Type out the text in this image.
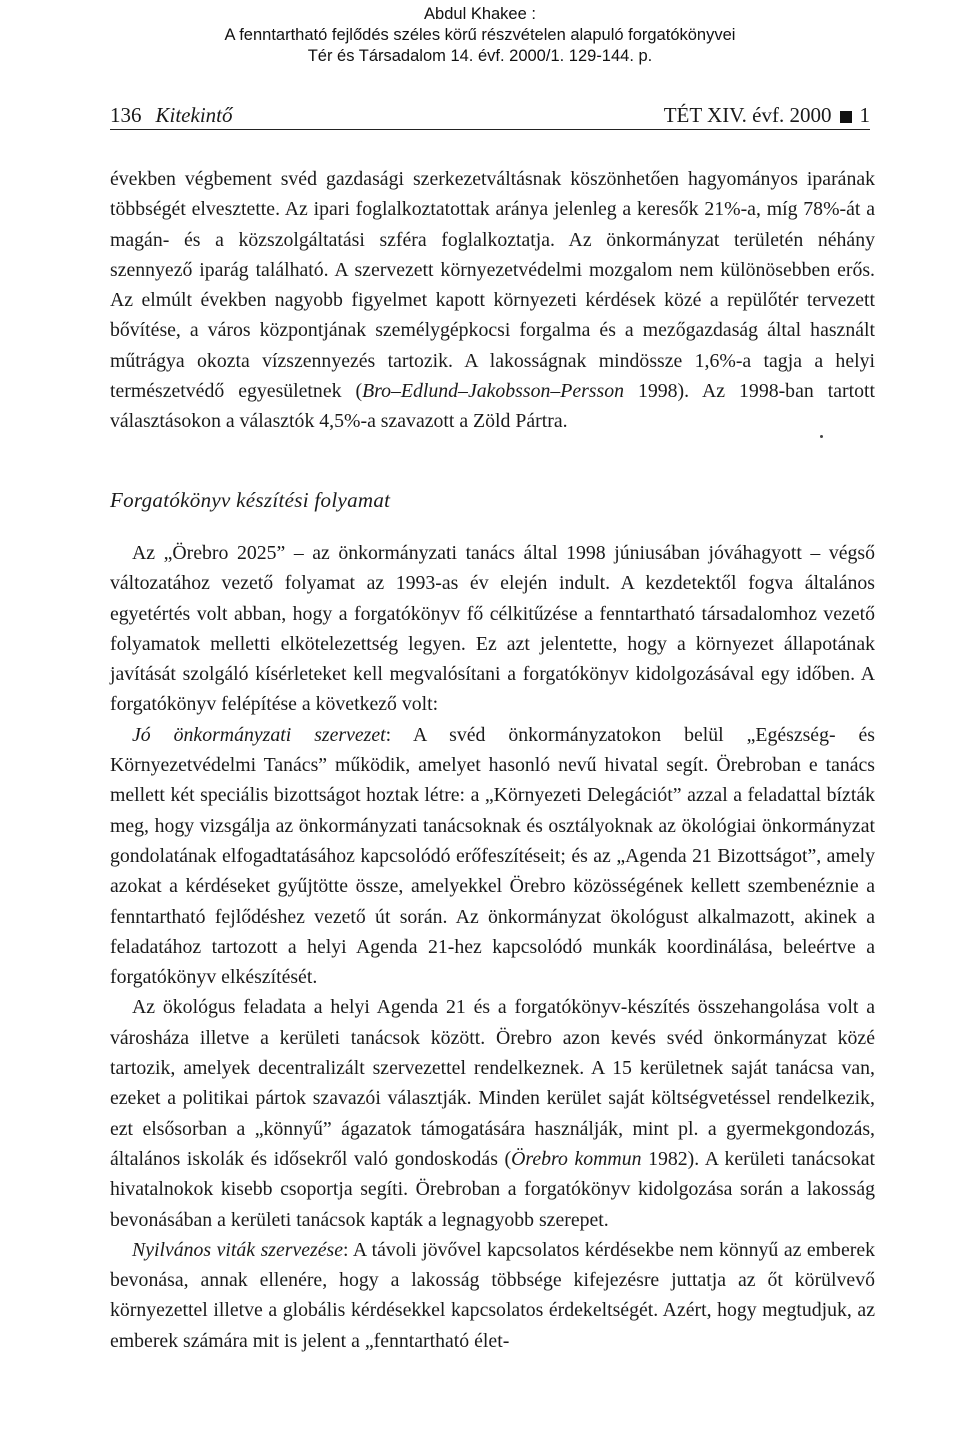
Abdul Khakee :
A fenntartható fejlődés széles körű részvételen alapuló forgatókönyvei
Tér és Társadalom 14. évf. 2000/1. 129-144. p.
136 Kitekintő	TÉT XIV. évf. 2000 1

években végbement svéd gazdasági szerkezetváltásnak köszönhetően hagyományos iparának többségét elvesztette. Az ipari foglalkoztatottak aránya jelenleg a keresők 21%-a, míg 78%-át a magán- és a közszolgáltatási szféra foglalkoztatja. Az önkormányzat területén néhány szennyező iparág található. A szervezett környezetvédelmi mozgalom nem különösebben erős. Az elmúlt években nagyobb figyelmet kapott környezeti kérdések közé a repülőtér tervezett bővítése, a város központjának személygépkocsi forgalma és a mezőgazdaság által használt műtrágya okozta vízszennyezés tartozik. A lakosságnak mindössze 1,6%-a tagja a helyi természetvédő egyesületnek (Bro–Edlund–Jakobsson–Persson 1998). Az 1998-ban tartott választásokon a választók 4,5%-a szavazott a Zöld Pártra.

Forgatókönyv készítési folyamat

Az „Örebro 2025” – az önkormányzati tanács által 1998 júniusában jóváhagyott – végső változatához vezető folyamat az 1993-as év elején indult. A kezdetektől fogva általános egyetértés volt abban, hogy a forgatókönyv fő célkitűzése a fenntartható társadalomhoz vezető folyamatok melletti elkötelezettség legyen. Ez azt jelentette, hogy a környezet állapotának javítását szolgáló kísérleteket kell megvalósítani a forgatókönyv kidolgozásával egy időben. A forgatókönyv felépítése a következő volt:

Jó önkormányzati szervezet: A svéd önkormányzatokon belül „Egészség- és Környezetvédelmi Tanács” működik, amelyet hasonló nevű hivatal segít. Örebroban e tanács mellett két speciális bizottságot hoztak létre: a „Környezeti Delegációt” azzal a feladattal bízták meg, hogy vizsgálja az önkormányzati tanácsoknak és osztályoknak az ökológiai önkormányzat gondolatának elfogadtatásához kapcsolódó erőfeszítéseit; és az „Agenda 21 Bizottságot”, amely azokat a kérdéseket gyűjtötte össze, amelyekkel Örebro közösségének kellett szembenéznie a fenntartható fejlődéshez vezető út során. Az önkormányzat ökológust alkalmazott, akinek a feladatához tartozott a helyi Agenda 21-hez kapcsolódó munkák koordinálása, beleértve a forgatókönyv elkészítését.

Az ökológus feladata a helyi Agenda 21 és a forgatókönyv-készítés összehangolása volt a városháza illetve a kerületi tanácsok között. Örebro azon kevés svéd önkormányzat közé tartozik, amelyek decentralizált szervezettel rendelkeznek. A 15 kerületnek saját tanácsa van, ezeket a politikai pártok szavazói választják. Minden kerület saját költségvetéssel rendelkezik, ezt elsősorban a „könnyű” ágazatok támogatására használják, mint pl. a gyermekgondozás, általános iskolák és idősekről való gondoskodás (Örebro kommun 1982). A kerületi tanácsokat hivatalnokok kisebb csoportja segíti. Örebroban a forgatókönyv kidolgozása során a lakosság bevonásában a kerületi tanácsok kapták a legnagyobb szerepet.

Nyilvános viták szervezése: A távoli jövővel kapcsolatos kérdésekbe nem könnyű az emberek bevonása, annak ellenére, hogy a lakosság többsége kifejezésre juttatja az őt körülvevő környezettel illetve a globális kérdésekkel kapcsolatos érdekeltségét. Azért, hogy megtudjuk, az emberek számára mit is jelent a „fenntartható élet-
